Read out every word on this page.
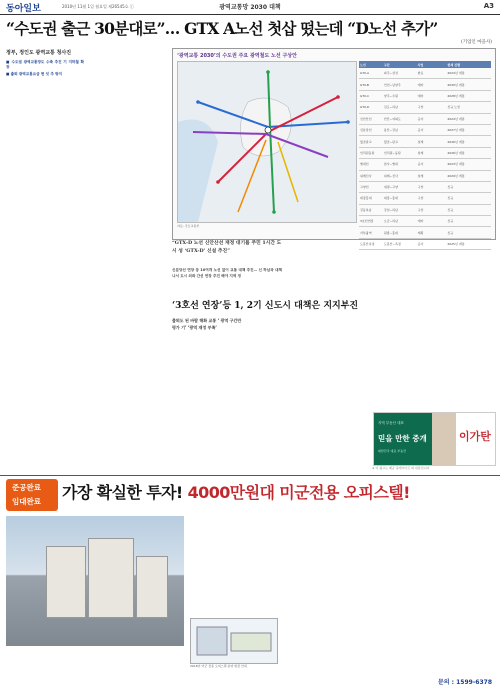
동아일보	2010년 11월 1일 월요일 제26545호 ⓒ	광역교통망 2030 대책	A3
“수도권 출근 30분대로”… GTX A노선 첫삽 떴는데 “D노선 추가”
(기업인 마을사)
정부, 정인도 광역교통 청사진
■ 수도권 광역교통망도 수축 추진 기 지하철 확장
■ 출퇴 광역교통요금 현 잇 추 방지
‘광역교통 2030’의 수도권 주요 광역철도 노선 구상안
자료: 국토교통부
노선	구간	사업	현재 진행
GTX-A	파주~삼성	완료	2024년 개통
GTX-B	인천~남양주	예타	2030년 개통
GTX-C	양주~수원	예타	2028년 개통
GTX-D	김포~하남	구상	신규 노선
신안산선	안산~여의도	공사	2024년 개통
신분당선	용산~강남	공사	2027년 개통
월곶판교	월곶~판교	설계	2026년 개통
인덕원동탄	인덕원~동탄	설계	2026년 개통
별내선	암사~별내	공사	2023년 개통
위례신사	위례~신사	설계	2029년 개통
고양선	새절~고양	구상	신규
대장홍대	대장~홍대	구상	신규
강동하남	강일~하남	구상	신규
3호선연장	오금~하남	예타	신규
서부광역	원종~홍대	계획	신규
도봉산옥정	도봉산~옥정	공사	2025년 개통
“GTX-D 노선 신안산선 재정 대기를 주민 1시간 도시 성 ‘GTX-D’ 신설 추진”
신분당선 연장 등 10여개 노선 없이 교통 대책 추진… 신 하남과 대책 나서 도시 외곽 간선 연장 추진 해야 지역 정
‘3호선 연장’등 1, 2기 신도시 대책은 지지부진
출퇴도 된 바람 해화 교통 ‘ 광역 구간만 평가 기’ ‘광역 재정 부족’
지역 부동산 대표
믿을 만한 중개
대한민국 대표 부동산
이가탄
※ 이 광고는 제공 중개사이트 의 내용입니다
준공완료
임대완료	가장 확실한 투자! 4000만원대 미군전용 오피스텔!
2018년 미군 전용 오피스텔 분양 현장 안내
문의 : 1599-6378
